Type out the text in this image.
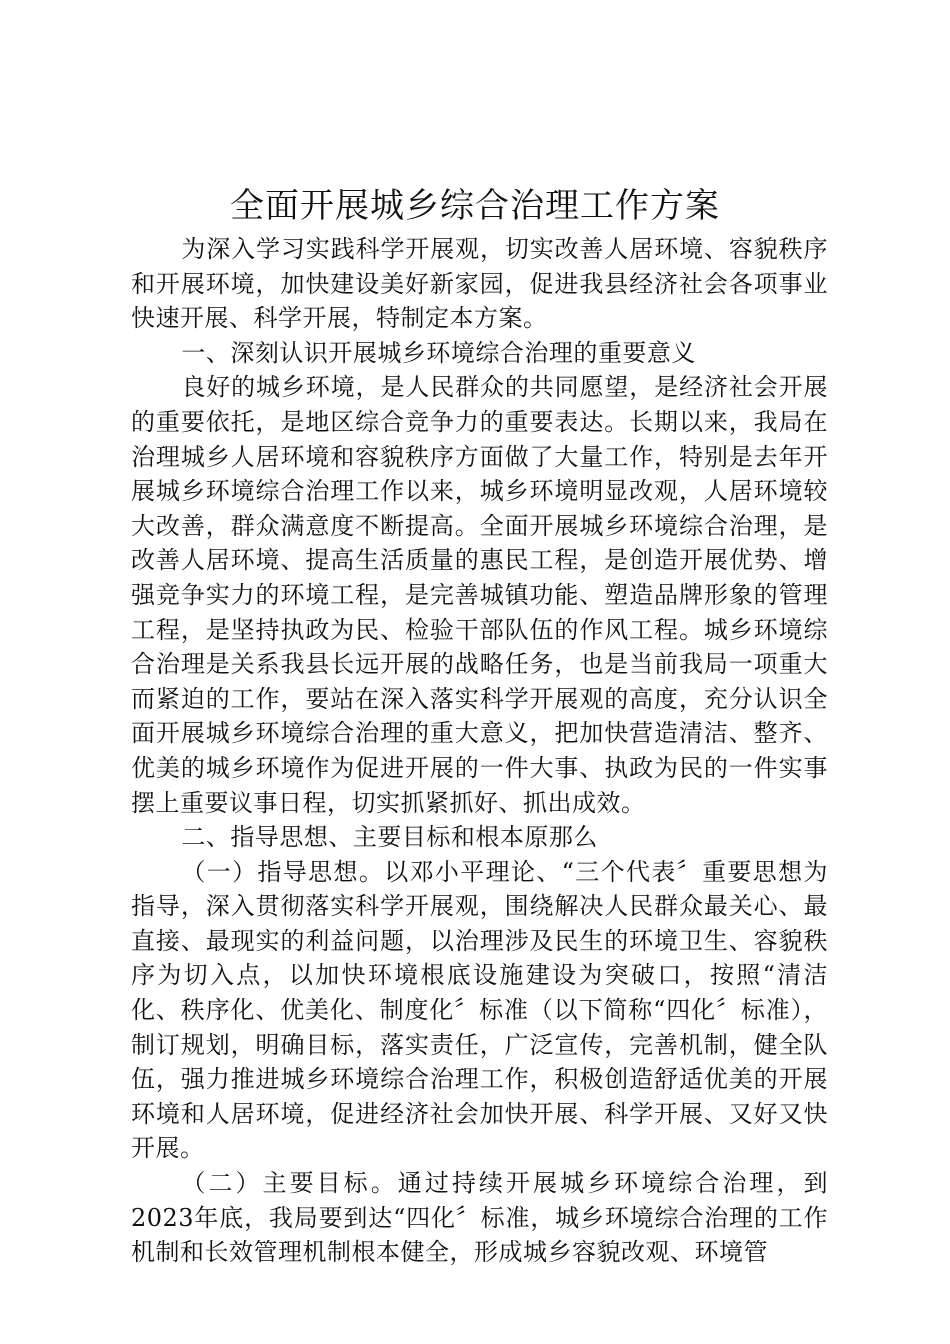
全面开展城乡综合治理工作方案

为深入学习实践科学开展观，切实改善人居环境、容貌秩序和开展环境，加快建设美好新家园，促进我县经济社会各项事业快速开展、科学开展，特制定本方案。

一、深刻认识开展城乡环境综合治理的重要意义

良好的城乡环境，是人民群众的共同愿望，是经济社会开展的重要依托，是地区综合竞争力的重要表达。长期以来，我局在治理城乡人居环境和容貌秩序方面做了大量工作，特别是去年开展城乡环境综合治理工作以来，城乡环境明显改观，人居环境较大改善，群众满意度不断提高。全面开展城乡环境综合治理，是改善人居环境、提高生活质量的惠民工程，是创造开展优势、增强竞争实力的环境工程，是完善城镇功能、塑造品牌形象的管理工程，是坚持执政为民、检验干部队伍的作风工程。城乡环境综合治理是关系我县长远开展的战略任务，也是当前我局一项重大而紧迫的工作，要站在深入落实科学开展观的高度，充分认识全面开展城乡环境综合治理的重大意义，把加快营造清洁、整齐、优美的城乡环境作为促进开展的一件大事、执政为民的一件实事摆上重要议事日程，切实抓紧抓好、抓出成效。

二、指导思想、主要目标和根本原那么

（一）指导思想。以邓小平理论、“三个代表〞重要思想为指导，深入贯彻落实科学开展观，围绕解决人民群众最关心、最直接、最现实的利益问题，以治理涉及民生的环境卫生、容貌秩序为切入点，以加快环境根底设施建设为突破口，按照“清洁化、秩序化、优美化、制度化〞标准（以下简称“四化〞标准），制订规划，明确目标，落实责任，广泛宣传，完善机制，健全队伍，强力推进城乡环境综合治理工作，积极创造舒适优美的开展环境和人居环境，促进经济社会加快开展、科学开展、又好又快开展。

（二）主要目标。通过持续开展城乡环境综合治理，到2023年底，我局要到达“四化〞标准，城乡环境综合治理的工作机制和长效管理机制根本健全，形成城乡容貌改观、环境管
